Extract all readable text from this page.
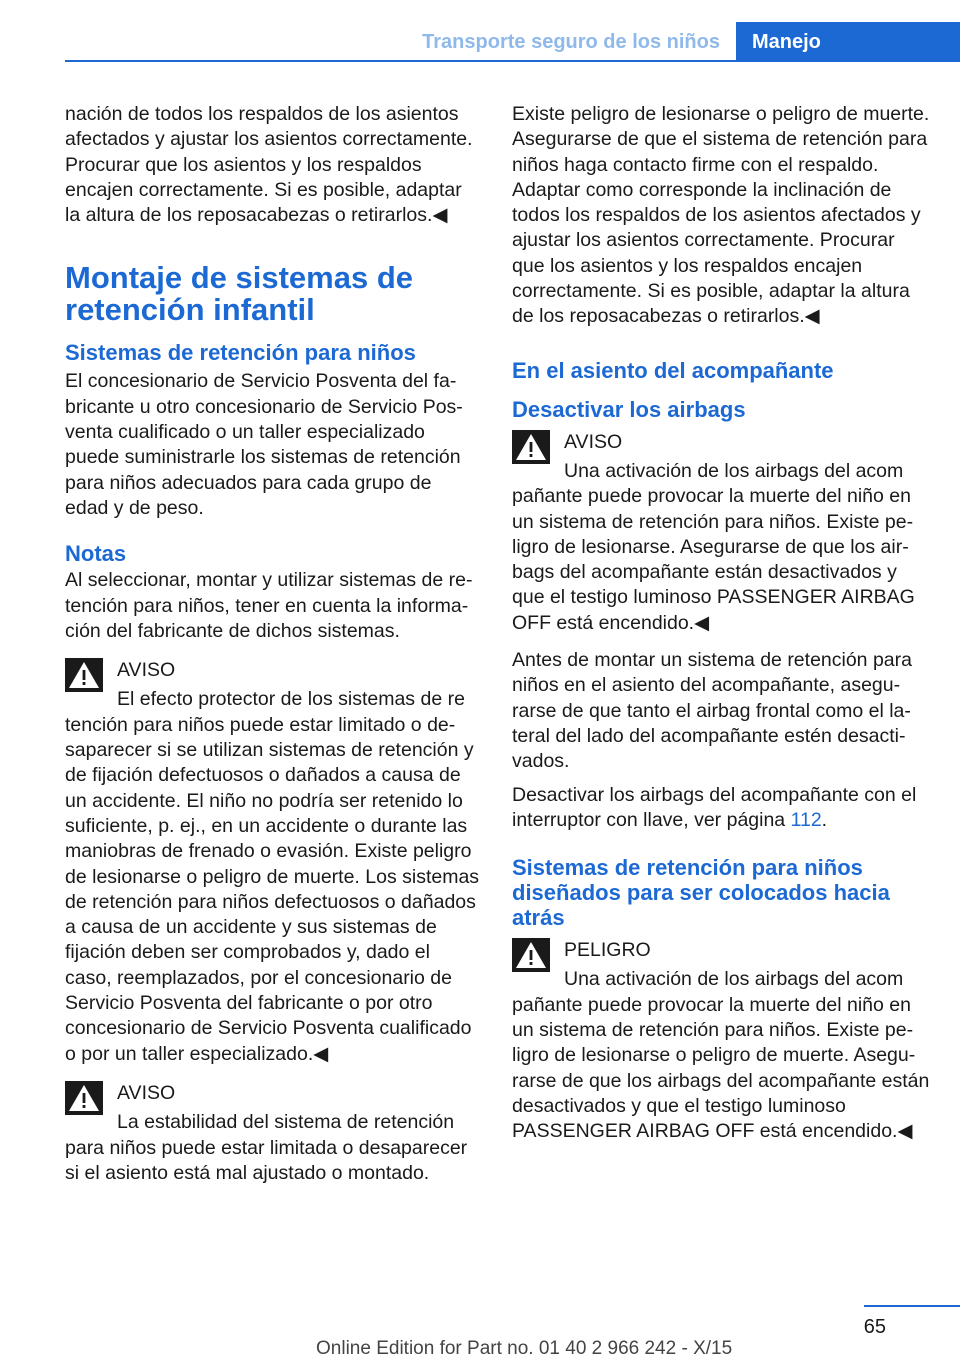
Transporte seguro de los niños	Manejo

nación de todos los respaldos de los asientos afectados y ajustar los asientos correctamente. Procurar que los asientos y los respaldos encajen correctamente. Si es posible, adaptar la altura de los reposacabezas o retirarlos.◀

Montaje de sistemas de retención infantil
Sistemas de retención para niños

El concesionario de Servicio Posventa del fabricante u otro concesionario de Servicio Posventa cualificado o un taller especializado puede suministrarle los sistemas de retención para niños adecuados para cada grupo de edad y de peso.

Notas

Al seleccionar, montar y utilizar sistemas de retención para niños, tener en cuenta la información del fabricante de dichos sistemas.

AVISO
El efecto protector de los sistemas de re
tención para niños puede estar limitado o desaparecer si se utilizan sistemas de retención y de fijación defectuosos o dañados a causa de un accidente. El niño no podría ser retenido lo suficiente, p. ej., en un accidente o durante las maniobras de frenado o evasión. Existe peligro de lesionarse o peligro de muerte. Los sistemas de retención para niños defectuosos o dañados a causa de un accidente y sus sistemas de fijación deben ser comprobados y, dado el caso, reemplazados, por el concesionario de Servicio Posventa del fabricante o por otro concesionario de Servicio Posventa cualificado o por un taller especializado.◀
AVISO
La estabilidad del sistema de retención
para niños puede estar limitada o desaparecer si el asiento está mal ajustado o montado.

Existe peligro de lesionarse o peligro de muerte. Asegurarse de que el sistema de retención para niños haga contacto firme con el respaldo. Adaptar como corresponde la inclinación de todos los respaldos de los asientos afectados y ajustar los asientos correctamente. Procurar que los asientos y los respaldos encajen correctamente. Si es posible, adaptar la altura de los reposacabezas o retirarlos.◀

En el asiento del acompañante
Desactivar los airbags
AVISO
Una activación de los airbags del acom
pañante puede provocar la muerte del niño en un sistema de retención para niños. Existe peligro de lesionarse. Asegurarse de que los airbags del acompañante están desactivados y que el testigo luminoso PASSENGER AIRBAG OFF está encendido.◀

Antes de montar un sistema de retención para niños en el asiento del acompañante, asegurarse de que tanto el airbag frontal como el lateral del lado del acompañante estén desactivados.

Desactivar los airbags del acompañante con el interruptor con llave, ver página 112.

Sistemas de retención para niños diseñados para ser colocados hacia atrás
PELIGRO
Una activación de los airbags del acom
pañante puede provocar la muerte del niño en un sistema de retención para niños. Existe peligro de lesionarse o peligro de muerte. Asegurarse de que los airbags del acompañante están desactivados y que el testigo luminoso PASSENGER AIRBAG OFF está encendido.◀
65
Online Edition for Part no. 01 40 2 966 242 - X/15
